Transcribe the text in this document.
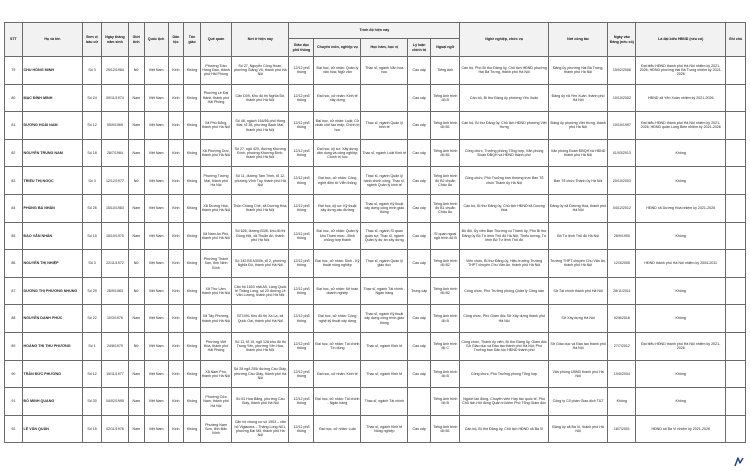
STT	Họ và tên	Đơn vị bầu cử	Ngày tháng năm sinh	Giới tính	Quốc tịch	Dân tộc	Tôn giáo	Quê quán	Nơi ở hiện nay	Trình độ hiện nay					Nghề nghiệp, chức vụ	Nơi công tác	Ngày vào Đảng (nếu có)	Là đại biểu HĐND (nếu có)	Ghi chú
										Giáo dục phổ thông	Chuyên môn, nghiệp vụ	Học hàm, học vị	Lý luận chính trị	Ngoại ngữ					
79	CHU HỒNG MINH	Số 3	29/12/1984	Nữ	Việt Nam	Kinh	Không	Phường Trần Hưng Đạo, thành phố Hải Phòng	Số 27, Nguyễn Công Hoan, phường Giảng Võ, thành phố Hà Nội	12/12 phổ thông	Đại học, cử nhân: Quản lý văn hóa; Ngữ văn	Thạc sĩ, ngành Văn hóa học	Cao cấp	Tiếng Anh	Cán bộ, Phó Bí thư Đảng ủy, Chủ tịch HĐND phường Hai Bà Trưng, thành phố Hà Nội	Đảng ủy phường Hai Bà Trưng, thành phố Hà Nội	15/02/2006	Đại biểu HĐND thành phố Hà Nội nhiệm kỳ 2021-2026; HĐND phường Hai Bà Trưng nhiệm kỳ 2021-2026	
80	MẠC ĐÌNH MINH	Số 24	09/11/1974	Nam	Việt Nam	Kinh	Không	Phường Lê Đại Hành, thành phố Hải Phòng	Căn D09, Khu đô thị Nghĩa Đô, thành phố Hà Nội	12/12 phổ thông	Đại học, cử nhân: Kinh tế xây dựng		Cao cấp	Tiếng Anh trình độ B	Cán bộ, Bí thư Đảng ủy phường Yên Xuân	Đảng ủy xã Yên Xuân, thành phố Hà Nội	10/10/2002	HĐND xã Yên Xuân nhiệm kỳ 2021-2026	
81	DƯƠNG HOÀI NAM	Số 12	05/9/1969	Nam	Việt Nam	Kinh	Không	Xã Phù Đổng, thành phố Hà Nội	Số 48, ngách 164/56 phố Hồng Mai, tổ 38, phường Bạch Mai, thành phố Hà Nội	12/12 phổ thông	Đại học, cử nhân: Luật; Cử nhân chế tạo máy; Chính trị học	Thạc sĩ, ngành Quản lý kinh tế	Cao cấp	Tiếng Anh trình độ B1	Cán bộ, Bí thư Đảng ủy, Chủ tịch HĐND phường Việt Hưng	Đảng ủy phường Việt Hưng, thành phố Hà Nội	10/10/1997	Đại biểu HĐND thành phố Hà Nội nhiệm kỳ 2021-2026; HĐND quận Long Biên nhiệm kỳ 2021-2026	
82	NGUYỄN TRUNG NAM	Số 18	28/7/1984	Nam	Việt Nam	Kinh	Không	Xã Phượng Dực, thành phố Hà Nội	Số 27, ngõ 420, đường Khương Đình, phường Khương Đình, thành phố Hà Nội	12/12 phổ thông	Đại học, kỹ sư: Xây dựng dân dụng và công nghiệp; Chính trị học	Thạc sĩ, ngành Luật Kinh tế	Cao cấp	Tiếng Anh trình độ B1	Công chức, Trưởng phòng Tổng hợp, Văn phòng Đoàn ĐBQH và HĐND thành phố	Văn phòng Đoàn ĐBQH và HĐND thành phố Hà Nội	01/03/2013	Không	
83	TRIỆU THỊ NGỌC	Số 3	12/12/1977	Nữ	Việt Nam	Kinh	Không	Phường Tương Mai, thành phố Hà Nội	Số 11, đường Tam Trinh, tổ 12, phường Vĩnh Tuy, thành phố Hà Nội	12/12 phổ thông	Đại học, cử nhân: Công nghệ điện tử Viễn thông	Thạc sĩ, ngành Quản lý hành chính công; Thạc sĩ, ngành Quản lý kinh tế	Cao cấp	Tiếng Anh trình độ B2 chuẩn Châu Âu	Công chức, Phó Trưởng ban thường trực Ban Tổ chức Thành ủy Hà Nội	Ban Tổ chức Thành ủy Hà Nội	20/10/2003	Không	
84	PHÙNG BÁ NHÂN	Số 26	15/10/1983	Nam	Việt Nam	Kinh	Không	Xã Dương Hòa, thành phố Hà Nội	Thôn Chàng Chè, xã Dương Hòa, thành phố Hà Nội	12/12 phổ thông	Đại học, kỹ sư: Kỹ thuật xây dựng cầu đường	Thạc sĩ, ngành Kỹ thuật xây dựng công trình giao thông	Cao cấp	Tiếng Anh trình độ B1 chuẩn Châu Âu	Cán bộ, Bí thư Đảng ủy, Chủ tịch HĐND xã Dương Hòa	Đảng ủy xã Dương Hòa, thành phố Hà Nội	04/12/2012	HĐND xã Dương Hòa nhiệm kỳ 2021-2026	
85	ĐÀO VĂN NHÂN	Số 15	15/10/1970	Nam	Việt Nam	Kinh	Không	Xã Nam An Phú, thành phố Hà Nội	Số 626, đường B3/8, khu đô thị Đông Hội, xã Thuận An, thành phố Hà Nội	12/12 phổ thông	Đại học, cử nhân: Quản lý khu Tham mưu - Binh chủng hợp thành	Thạc sĩ, ngành Sĩ quan quân sự; Thạc sĩ, ngành Quản lý dự án xây dựng	Cao cấp	Sĩ quan ngoại ngữ trình độ B	Bộ đội, Ủy viên Ban Thường vụ Thành ủy, Phó Bí thư Đảng ủy Bộ Tư lệnh Thủ đô Hà Nội, Thiếu tướng, Tư lệnh Bộ Tư lệnh Thủ đô	Bộ Tư lệnh Thủ đô Hà Nội	26/9/1990	Không	
86	NGUYỄN THỊ NHIỆP	Số 3	22/11/1972	Nữ	Việt Nam	Kinh	Không	Phường Thanh Sơn, tỉnh Ninh Bình	Số 142.B5 A300b, tổ 2, phường Nghĩa Đô, thành phố Hà Nội	12/12 phổ thông	Đại học, cử nhân: Sinh - Kỹ thuật nông nghiệp	Thạc sĩ, ngành Quản lý giáo dục	Cao cấp	Tiếng Anh trình độ B2	Viên chức, Bí thư Đảng ủy, Hiệu trưởng Trường THPT chuyên Chu Văn An, thành phố Hà Nội	Trường THPT chuyên Chu Văn An, thành phố Hà Nội	12/3/2005	HĐND thành phố Hà Nội nhiệm kỳ 2004-2011	
87	DƯƠNG THỊ PHƯƠNG NHUNG	Số 29	26/9/1983	Nữ	Việt Nam	Kinh	Không	Xã Thư Lâm, thành phố Hà Nội	Căn hộ 1603 nhà A5, Làng Quốc tế Thăng Long, số 20 đường Lê Văn Lương, thành phố Hà Nội	12/12 phổ thông	Đại học, cử nhân: Kế toán doanh nghiệp	Thạc sĩ, ngành Tài chính - Ngân hàng	Trung cấp	Tiếng Anh trình độ B2	Công chức, Phó Trưởng phòng Quản lý Công sản	Sở Tài chính thành phố Hà Nội	28/11/2011	Không	
88	NGUYỄN DANH PHÚC	Số 22	10/3/1976	Nam	Việt Nam	Kinh	Không	Xã Tây Phương, thành phố Hà Nội	BT1091 Khu đô thị Xa La, xã Quốc Oai, thành phố Hà Nội	12/12 phổ thông	Đại học, cử nhân: Công nghệ kỹ thuật xây dựng	Thạc sĩ, ngành Kỹ thuật xây dựng công trình giao thông	Cao cấp	Tiếng Anh trình độ B	Công chức, Phó Giám đốc Sở Xây dựng thành phố Hà Nội	Sở Xây dựng Hà Nội	02/8/2016	Không	
89	HOÀNG THỊ THU PHƯƠNG	Số 1	24/8/1979	Nữ	Việt Nam	Kinh	Không	Phường Việt Hòa, thành phố Hải Phòng	Số 11, tổ 10, ngõ 128 khu đô thị Trung Yên, phường Yên Hòa, thành phố Hà Nội	12/12 phổ thông	Đại học, cử nhân: Tài chính Tín dụng	Thạc sĩ, ngành Kinh tế	Cao cấp	Tiếng Anh trình độ C	Công chức, Thành ủy viên, Bí thư Đảng ủy, Giám đốc Sở Giáo dục và Đào tạo thành phố Hà Nội; Phó Trưởng ban Dân tộc HĐND thành phố	Sở Giáo dục và Đào tạo thành phố Hà Nội	27/7/2012	Đại biểu HĐND thành phố Hà Nội nhiệm kỳ 2021-2026	
90	TRẦN ĐỨC PHƯƠNG	Số 12	15/11/1977	Nam	Việt Nam	Kinh	Không	Xã Nam Phù, thành phố Hà Nội	Số 28 ngõ 255/ đường Cầu Giấy, phường Cầu Giấy, thành phố Hà Nội	12/12 phổ thông	Đại học, cử nhân: Kinh tế	Thạc sĩ, ngành Kinh tế	Cao cấp	Tiếng Anh trình độ B	Công chức, Phó Trưởng phòng Tổng hợp	Văn phòng UBND thành phố Hà Nội	19/5/2004	Không	
91	ĐỖ MINH QUANG	Số 30	04/02/1995	Nam	Việt Nam	Kinh	Không	Phường Cửa Nam, thành phố Hà Nội	Số 61 Hoa Bằng, phường Cầu Giấy, thành phố Hà Nội	12/12 phổ thông	Đại học, cử nhân: Tài chính - Ngân hàng	Thạc sĩ, ngành Tài chính		Tiếng Anh trình độ B	Người lao động, Chuyên viên Hợp tác quốc tế, Phó Chủ tịch Hội đồng Quản trị kiêm Phó Tổng Giám đốc	Công ty Cổ phần Giao dịch T&T	Không	Không	
92	LÊ VĂN QUÂN	Số 15	02/11/1976	Nam	Việt Nam	Kinh	Không	Phường Nam Sơn, tỉnh Bắc Ninh	Căn hộ chung cư số 1903 – căn hộ Viglacera – Thăng Long N01, phường Đại Mỗ, thành phố Hà Nội	12/12 phổ thông	Đại học, cử nhân: Luật	Thạc sĩ, ngành Kinh tế Nông nghiệp	Cao cấp	Tiếng Anh trình độ B1	Cán bộ, Bí thư Đảng ủy, Chủ tịch HĐND xã Ba Vì	Đảng ủy xã Ba Vì, thành phố Hà Nội	18/7/2001	HĐND xã Ba Vì nhiệm kỳ 2021-2026	
